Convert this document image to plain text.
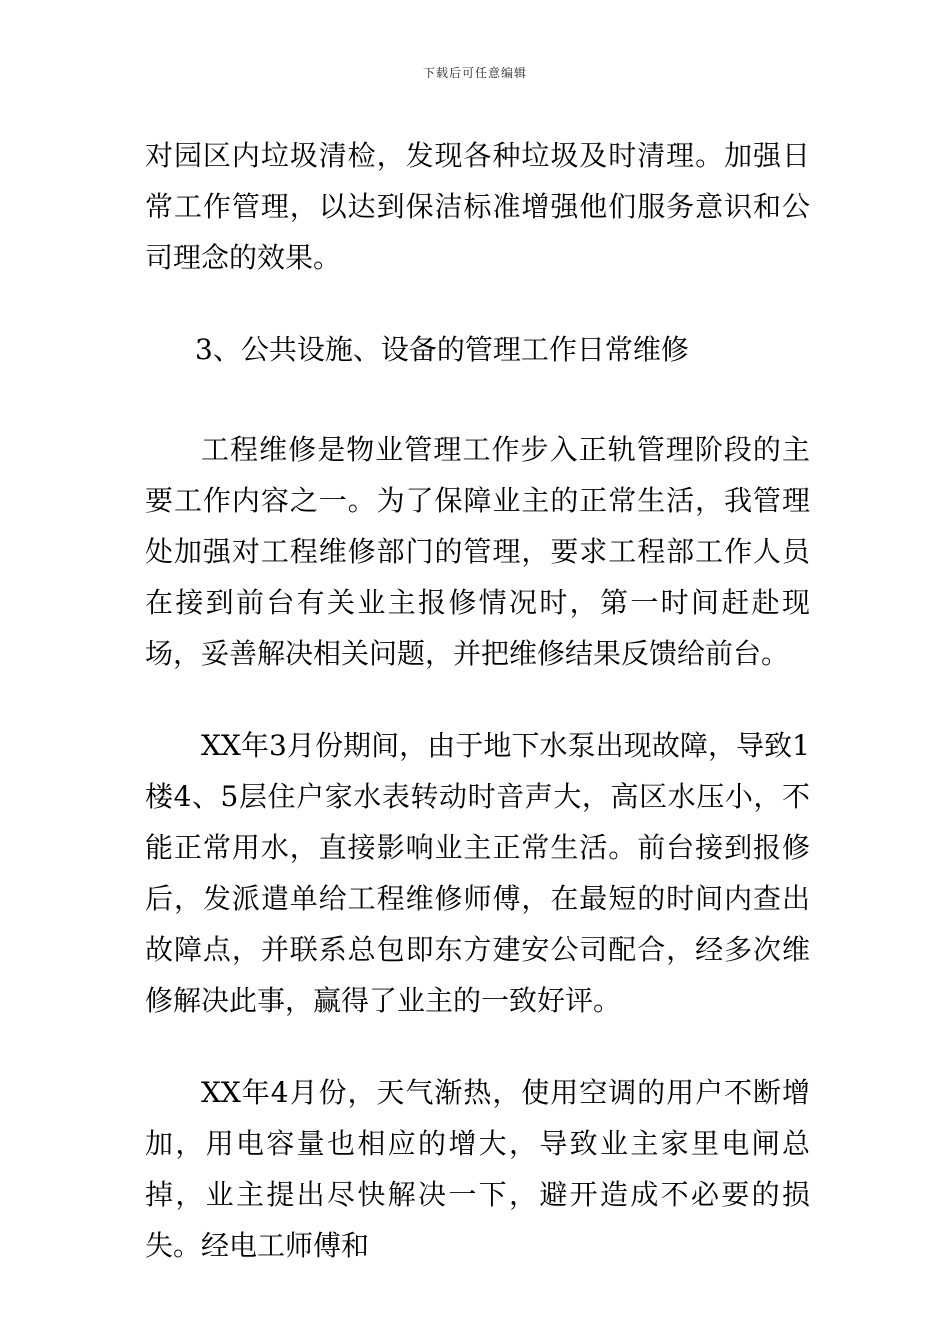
下载后可任意编辑

对园区内垃圾清检，发现各种垃圾及时清理。加强日常工作管理，以达到保洁标准增强他们服务意识和公司理念的效果。

3、公共设施、设备的管理工作日常维修

工程维修是物业管理工作步入正轨管理阶段的主要工作内容之一。为了保障业主的正常生活，我管理处加强对工程维修部门的管理，要求工程部工作人员在接到前台有关业主报修情况时，第一时间赶赴现场，妥善解决相关问题，并把维修结果反馈给前台。

XX年3月份期间，由于地下水泵出现故障，导致1楼4、5层住户家水表转动时音声大，高区水压小，不能正常用水，直接影响业主正常生活。前台接到报修后，发派遣单给工程维修师傅，在最短的时间内查出故障点，并联系总包即东方建安公司配合，经多次维修解决此事，赢得了业主的一致好评。

XX年4月份，天气渐热，使用空调的用户不断增加，用电容量也相应的增大，导致业主家里电闸总掉，业主提出尽快解决一下，避开造成不必要的损失。经电工师傅和
